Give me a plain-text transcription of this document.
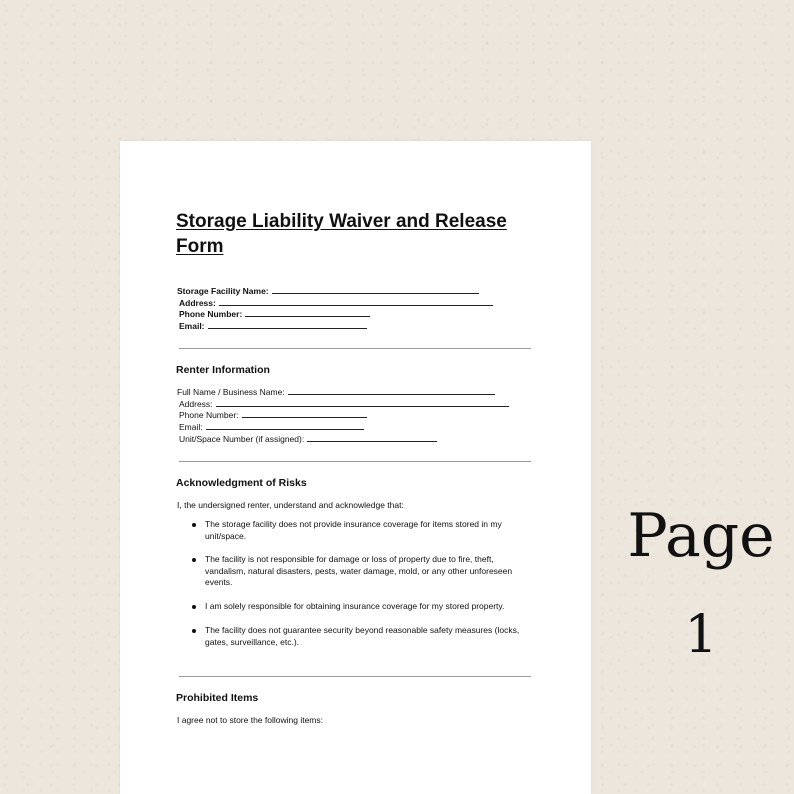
Storage Liability Waiver and Release Form
Storage Facility Name:
Address:
Phone Number:
Email:
Renter Information
Full Name / Business Name:
Address:
Phone Number:
Email:
Unit/Space Number (if assigned):
Acknowledgment of Risks

I, the undersigned renter, understand and acknowledge that:

The storage facility does not provide insurance coverage for items stored in my unit/space.
The facility is not responsible for damage or loss of property due to fire, theft, vandalism, natural disasters, pests, water damage, mold, or any other unforeseen events.
I am solely responsible for obtaining insurance coverage for my stored property.
The facility does not guarantee security beyond reasonable safety measures (locks, gates, surveillance, etc.).
Prohibited Items

I agree not to store the following items:

Page
1
